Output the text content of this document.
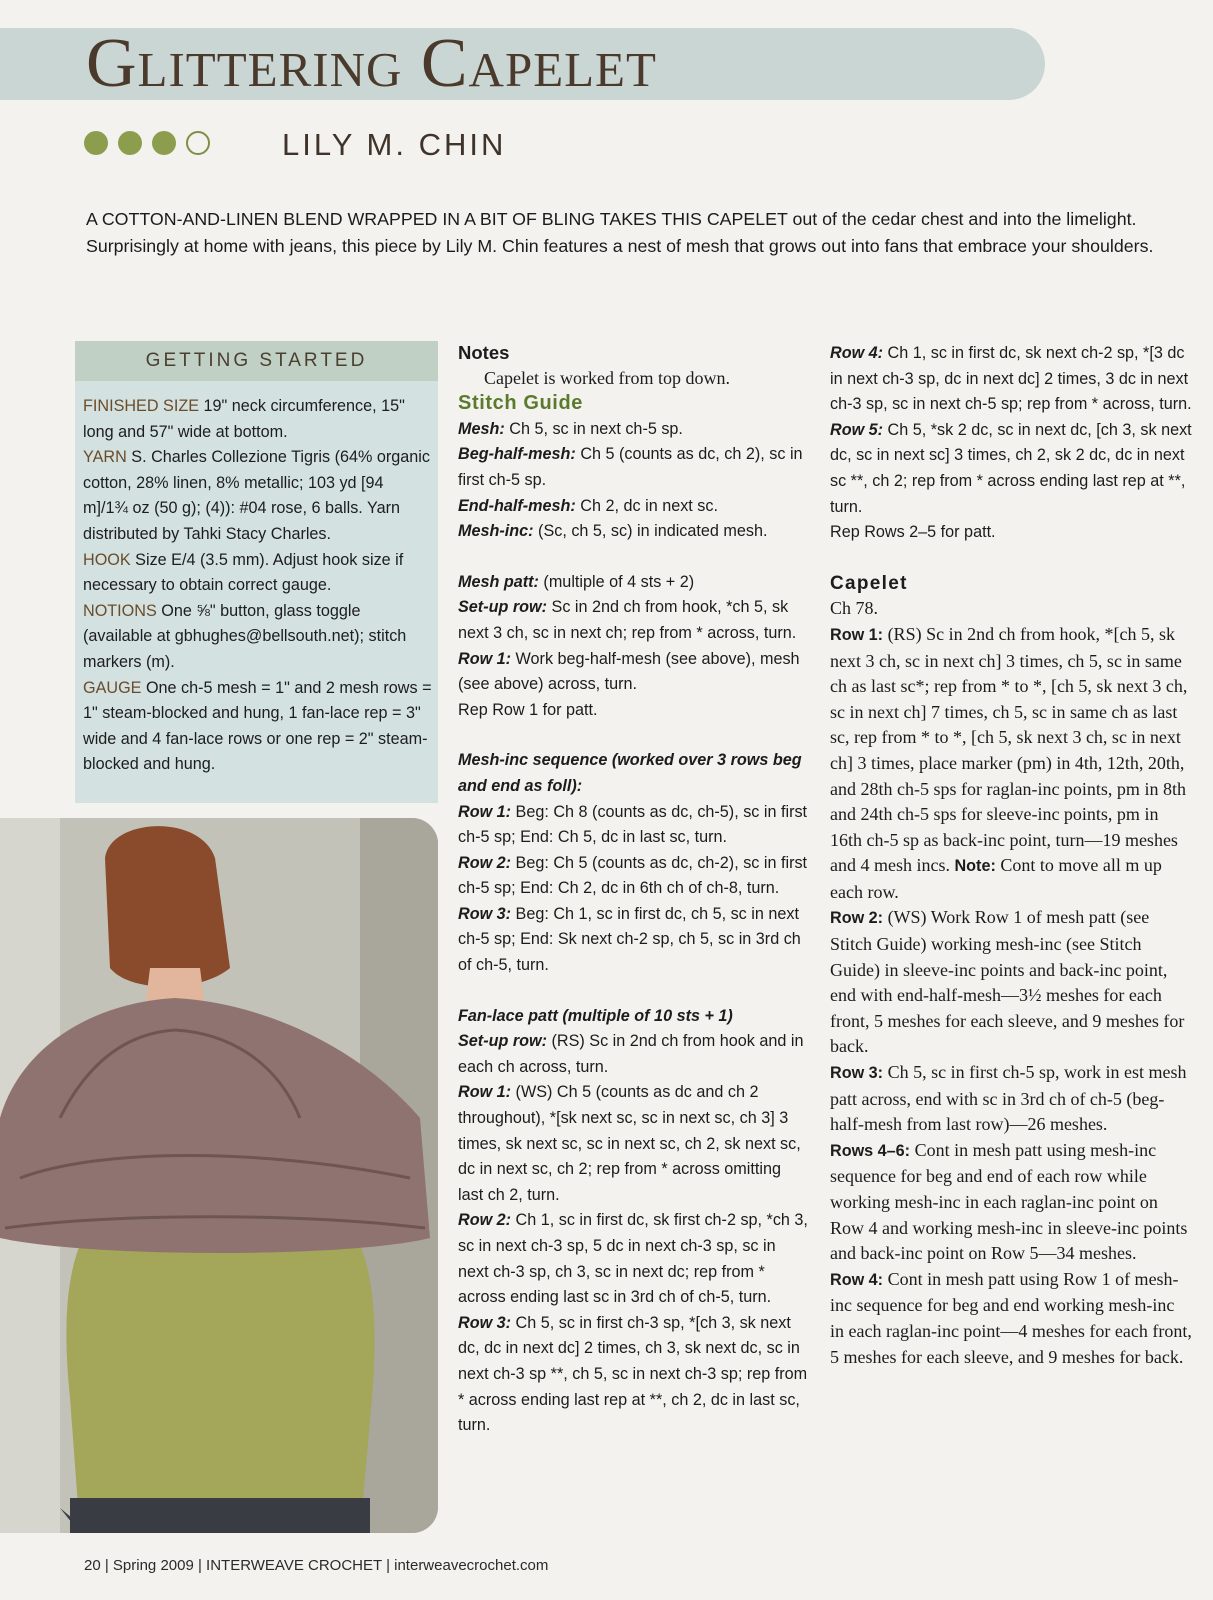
Glittering Capelet
LILY M. CHIN

A COTTON-AND-LINEN BLEND WRAPPED IN A BIT OF BLING TAKES THIS CAPELET out of the cedar chest and into the limelight. Surprisingly at home with jeans, this piece by Lily M. Chin features a nest of mesh that grows out into fans that embrace your shoulders.

GETTING STARTED

FINISHED SIZE 19" neck circumference, 15" long and 57" wide at bottom.

YARN S. Charles Collezione Tigris (64% organic cotton, 28% linen, 8% metallic; 103 yd [94 m]/1¾ oz (50 g); (4)): #04 rose, 6 balls. Yarn distributed by Tahki Stacy Charles.

HOOK Size E/4 (3.5 mm). Adjust hook size if necessary to obtain correct gauge.

NOTIONS One ⅝" button, glass toggle (available at gbhughes@bellsouth.net); stitch markers (m).

GAUGE One ch-5 mesh = 1" and 2 mesh rows = 1" steam-blocked and hung, 1 fan-lace rep = 3" wide and 4 fan-lace rows or one rep = 2" steam-blocked and hung.

Notes

Capelet is worked from top down.

Stitch Guide

Mesh: Ch 5, sc in next ch-5 sp.

Beg-half-mesh: Ch 5 (counts as dc, ch 2), sc in first ch-5 sp.

End-half-mesh: Ch 2, dc in next sc.

Mesh-inc: (Sc, ch 5, sc) in indicated mesh.

Mesh patt: (multiple of 4 sts + 2)

Set-up row: Sc in 2nd ch from hook, *ch 5, sk next 3 ch, sc in next ch; rep from * across, turn.

Row 1: Work beg-half-mesh (see above), mesh (see above) across, turn.

Rep Row 1 for patt.

Mesh-inc sequence (worked over 3 rows beg and end as foll):

Row 1: Beg: Ch 8 (counts as dc, ch-5), sc in first ch-5 sp; End: Ch 5, dc in last sc, turn.

Row 2: Beg: Ch 5 (counts as dc, ch-2), sc in first ch-5 sp; End: Ch 2, dc in 6th ch of ch-8, turn.

Row 3: Beg: Ch 1, sc in first dc, ch 5, sc in next ch-5 sp; End: Sk next ch-2 sp, ch 5, sc in 3rd ch of ch-5, turn.

Fan-lace patt (multiple of 10 sts + 1)

Set-up row: (RS) Sc in 2nd ch from hook and in each ch across, turn.

Row 1: (WS) Ch 5 (counts as dc and ch 2 throughout), *[sk next sc, sc in next sc, ch 3] 3 times, sk next sc, sc in next sc, ch 2, sk next sc, dc in next sc, ch 2; rep from * across omitting last ch 2, turn.

Row 2: Ch 1, sc in first dc, sk first ch-2 sp, *ch 3, sc in next ch-3 sp, 5 dc in next ch-3 sp, sc in next ch-3 sp, ch 3, sc in next dc; rep from * across ending last sc in 3rd ch of ch-5, turn.

Row 3: Ch 5, sc in first ch-3 sp, *[ch 3, sk next dc, dc in next dc] 2 times, ch 3, sk next dc, sc in next ch-3 sp **, ch 5, sc in next ch-3 sp; rep from * across ending last rep at **, ch 2, dc in last sc, turn.

Row 4: Ch 1, sc in first dc, sk next ch-2 sp, *[3 dc in next ch-3 sp, dc in next dc] 2 times, 3 dc in next ch-3 sp, sc in next ch-5 sp; rep from * across, turn.

Row 5: Ch 5, *sk 2 dc, sc in next dc, [ch 3, sk next dc, sc in next sc] 3 times, ch 2, sk 2 dc, dc in next sc **, ch 2; rep from * across ending last rep at **, turn.

Rep Rows 2–5 for patt.

Capelet

Ch 78.

Row 1: (RS) Sc in 2nd ch from hook, *[ch 5, sk next 3 ch, sc in next ch] 3 times, ch 5, sc in same ch as last sc*; rep from * to *, [ch 5, sk next 3 ch, sc in next ch] 7 times, ch 5, sc in same ch as last sc, rep from * to *, [ch 5, sk next 3 ch, sc in next ch] 3 times, place marker (pm) in 4th, 12th, 20th, and 28th ch-5 sps for raglan-inc points, pm in 8th and 24th ch-5 sps for sleeve-inc points, pm in 16th ch-5 sp as back-inc point, turn—19 meshes and 4 mesh incs. Note: Cont to move all m up each row.

Row 2: (WS) Work Row 1 of mesh patt (see Stitch Guide) working mesh-inc (see Stitch Guide) in sleeve-inc points and back-inc point, end with end-half-mesh—3½ meshes for each front, 5 meshes for each sleeve, and 9 meshes for back.

Row 3: Ch 5, sc in first ch-5 sp, work in est mesh patt across, end with sc in 3rd ch of ch-5 (beg-half-mesh from last row)—26 meshes.

Rows 4–6: Cont in mesh patt using mesh-inc sequence for beg and end of each row while working mesh-inc in each raglan-inc point on Row 4 and working mesh-inc in sleeve-inc points and back-inc point on Row 5—34 meshes.

Row 4: Cont in mesh patt using Row 1 of mesh-inc sequence for beg and end working mesh-inc in each raglan-inc point—4 meshes for each front, 5 meshes for each sleeve, and 9 meshes for back.

20 | Spring 2009 | INTERWEAVE CROCHET | interweavecrochet.com
